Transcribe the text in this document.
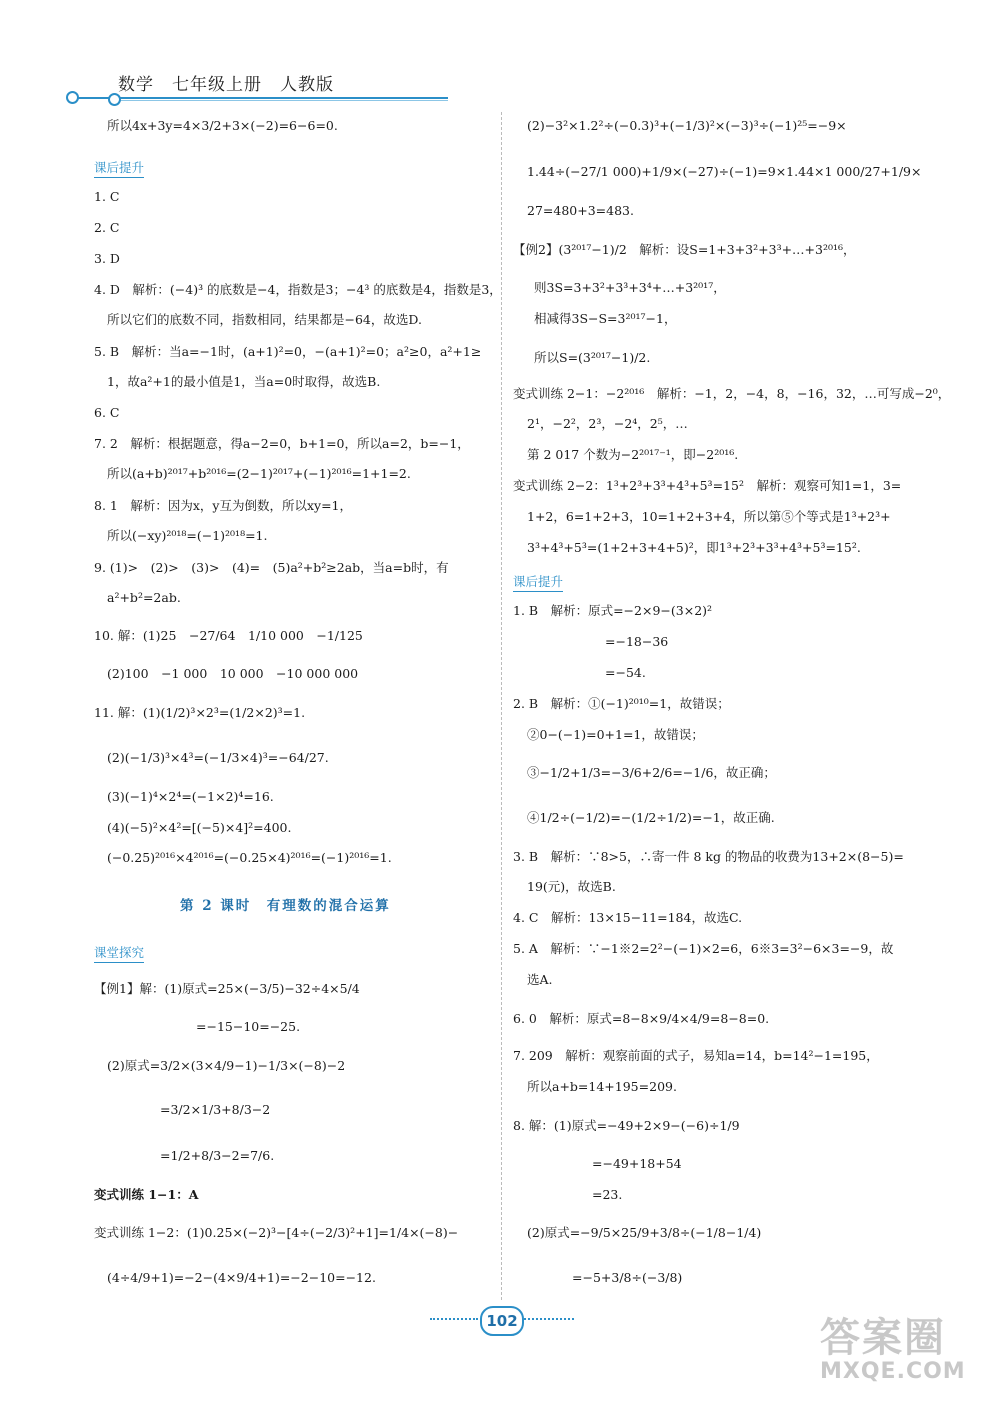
数学　七年级上册　人教版
所以4x+3y=4×3/2+3×(−2)=6−6=0.
课后提升
1. C
2. C
3. D
4. D　解析：(−4)³ 的底数是−4，指数是3；−4³ 的底数是4，指数是3，
所以它们的底数不同，指数相同，结果都是−64，故选D.
5. B　解析：当a=−1时，(a+1)²=0，−(a+1)²=0；a²≥0，a²+1≥
1，故a²+1的最小值是1，当a=0时取得，故选B.
6. C
7. 2　解析：根据题意，得a−2=0，b+1=0，所以a=2，b=−1，
所以(a+b)²⁰¹⁷+b²⁰¹⁶=(2−1)²⁰¹⁷+(−1)²⁰¹⁶=1+1=2.
8. 1　解析：因为x，y互为倒数，所以xy=1，
所以(−xy)²⁰¹⁸=(−1)²⁰¹⁸=1.
9. (1)>　(2)>　(3)>　(4)=　(5)a²+b²≥2ab，当a=b时，有
a²+b²=2ab.
10. 解：(1)25　−27/64　1/10 000　−1/125
(2)100　−1 000　10 000　−10 000 000
11. 解：(1)(1/2)³×2³=(1/2×2)³=1.
(2)(−1/3)³×4³=(−1/3×4)³=−64/27.
(3)(−1)⁴×2⁴=(−1×2)⁴=16.
(4)(−5)²×4²=[(−5)×4]²=400.
(−0.25)²⁰¹⁶×4²⁰¹⁶=(−0.25×4)²⁰¹⁶=(−1)²⁰¹⁶=1.
第 2 课时　有理数的混合运算
课堂探究
【例1】解：(1)原式=25×(−3/5)−32÷4×5/4
=−15−10=−25.
(2)原式=3/2×(3×4/9−1)−1/3×(−8)−2
=3/2×1/3+8/3−2
=1/2+8/3−2=7/6.
变式训练 1−1：A
变式训练 1−2：(1)0.25×(−2)³−[4÷(−2/3)²+1]=1/4×(−8)−
(4÷4/9+1)=−2−(4×9/4+1)=−2−10=−12.
(2)−3²×1.2²÷(−0.3)³+(−1/3)²×(−3)³÷(−1)²⁵=−9×
1.44÷(−27/1 000)+1/9×(−27)÷(−1)=9×1.44×1 000/27+1/9×
27=480+3=483.
【例2】(3²⁰¹⁷−1)/2　解析：设S=1+3+3²+3³+…+3²⁰¹⁶，
则3S=3+3²+3³+3⁴+…+3²⁰¹⁷，
相减得3S−S=3²⁰¹⁷−1，
所以S=(3²⁰¹⁷−1)/2.
变式训练 2−1：−2²⁰¹⁶　解析：−1，2，−4，8，−16，32，…可写成−2⁰，
2¹，−2²，2³，−2⁴，2⁵，…
第 2 017 个数为−2²⁰¹⁷⁻¹，即−2²⁰¹⁶.
变式训练 2−2：1³+2³+3³+4³+5³=15²　解析：观察可知1=1，3=
1+2，6=1+2+3，10=1+2+3+4，所以第⑤个等式是1³+2³+
3³+4³+5³=(1+2+3+4+5)²，即1³+2³+3³+4³+5³=15².
课后提升
1. B　解析：原式=−2×9−(3×2)²
=−18−36
=−54.
2. B　解析：①(−1)²⁰¹⁰=1，故错误；
②0−(−1)=0+1=1，故错误；
③−1/2+1/3=−3/6+2/6=−1/6，故正确；
④1/2÷(−1/2)=−(1/2÷1/2)=−1，故正确.
3. B　解析：∵8>5，∴寄一件 8 kg 的物品的收费为13+2×(8−5)=
19(元)，故选B.
4. C　解析：13×15−11=184，故选C.
5. A　解析：∵−1※2=2²−(−1)×2=6，6※3=3²−6×3=−9，故
选A.
6. 0　解析：原式=8−8×9/4×4/9=8−8=0.
7. 209　解析：观察前面的式子，易知a=14，b=14²−1=195，
所以a+b=14+195=209.
8. 解：(1)原式=−49+2×9−(−6)÷1/9
=−49+18+54
=23.
(2)原式=−9/5×25/9+3/8÷(−1/8−1/4)
=−5+3/8÷(−3/8)
102	答案圈
MXQE.COM
